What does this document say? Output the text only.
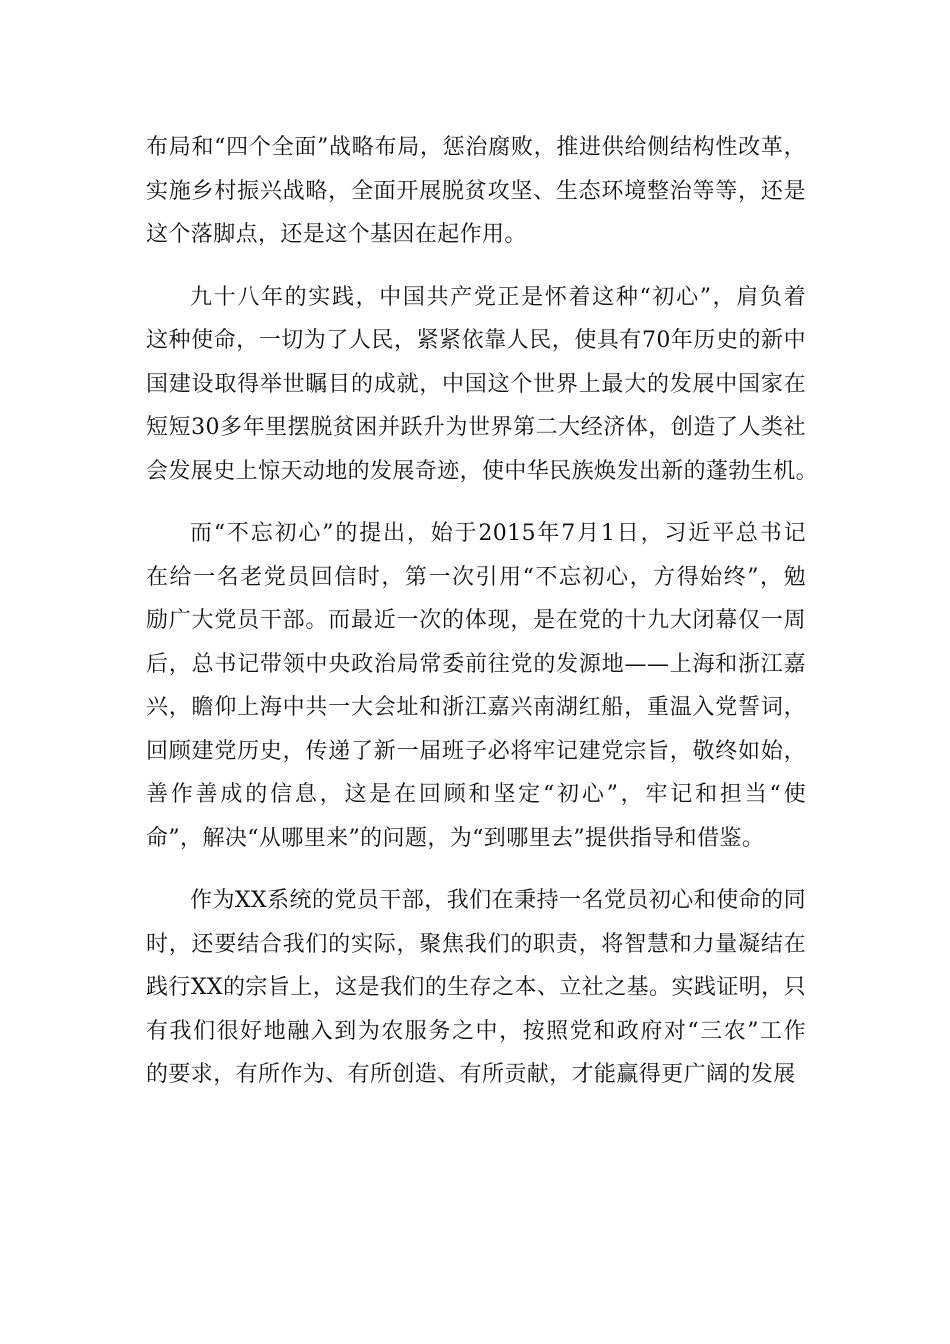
布局和“四个全面”战略布局，惩治腐败，推进供给侧结构性改革，
实施乡村振兴战略，全面开展脱贫攻坚、生态环境整治等等，还是
这个落脚点，还是这个基因在起作用。

九十八年的实践，中国共产党正是怀着这种“初心”，肩负着
这种使命，一切为了人民，紧紧依靠人民，使具有70年历史的新中
国建设取得举世瞩目的成就，中国这个世界上最大的发展中国家在
短短30多年里摆脱贫困并跃升为世界第二大经济体，创造了人类社
会发展史上惊天动地的发展奇迹，使中华民族焕发出新的蓬勃生机。

而“不忘初心”的提出，始于2015年7月1日，习近平总书记
在给一名老党员回信时，第一次引用“不忘初心，方得始终”，勉
励广大党员干部。而最近一次的体现，是在党的十九大闭幕仅一周
后，总书记带领中央政治局常委前往党的发源地——上海和浙江嘉
兴，瞻仰上海中共一大会址和浙江嘉兴南湖红船，重温入党誓词，
回顾建党历史，传递了新一届班子必将牢记建党宗旨，敬终如始，
善作善成的信息，这是在回顾和坚定“初心”，牢记和担当“使
命”，解决“从哪里来”的问题，为“到哪里去”提供指导和借鉴。

作为XX系统的党员干部，我们在秉持一名党员初心和使命的同
时，还要结合我们的实际，聚焦我们的职责，将智慧和力量凝结在
践行XX的宗旨上，这是我们的生存之本、立社之基。实践证明，只
有我们很好地融入到为农服务之中，按照党和政府对“三农”工作
的要求，有所作为、有所创造、有所贡献，才能赢得更广阔的发展
